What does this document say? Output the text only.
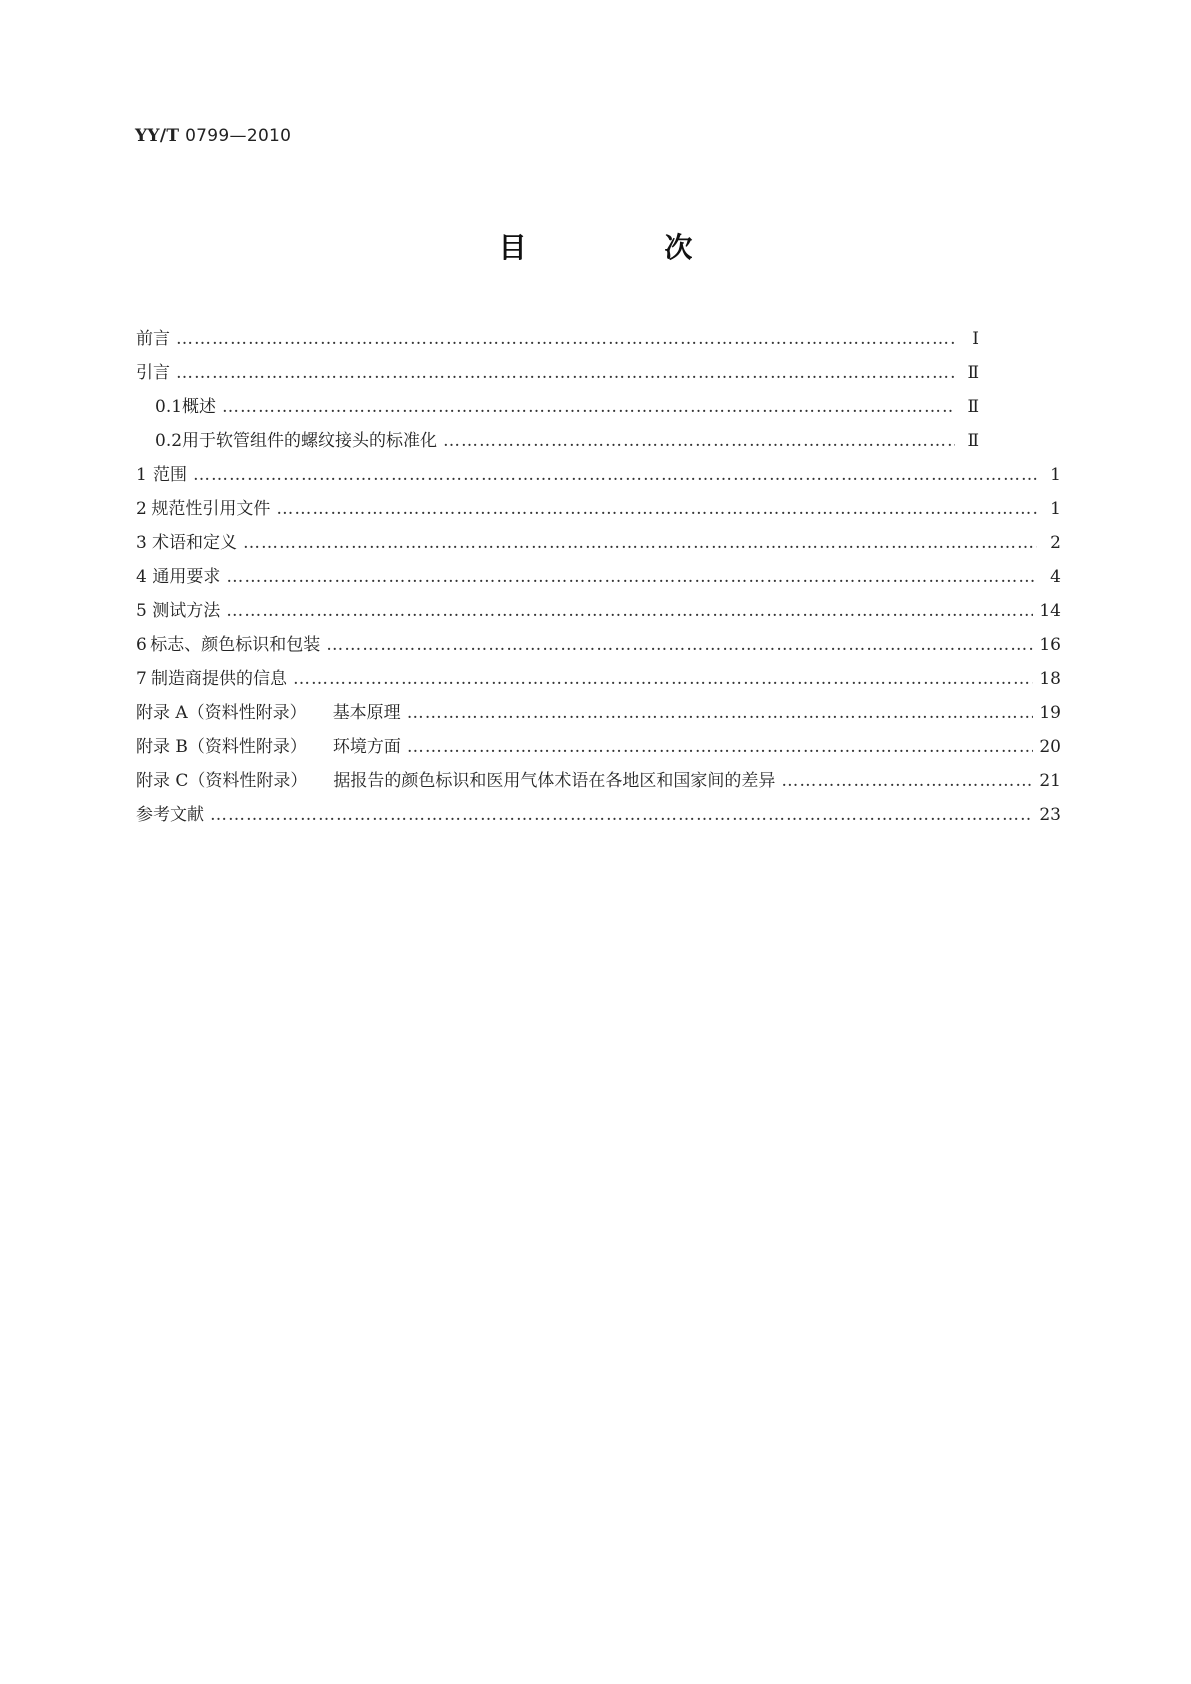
YY/T 0799—2010
目 次
前言 …………………………………………………………………………………………………………………………………………………………………………………………………………………………………………	Ⅰ
引言 …………………………………………………………………………………………………………………………………………………………………………………………………………………………………………	Ⅱ
0.1 概述 …………………………………………………………………………………………………………………………………………………………………………………………………………………………………………	Ⅱ
0.2 用于软管组件的螺纹接头的标准化 …………………………………………………………………………………………………………………………………………………………………………………………………………………………………………	Ⅱ
1 范围 …………………………………………………………………………………………………………………………………………………………………………………………………………………………………………	1
2 规范性引用文件 …………………………………………………………………………………………………………………………………………………………………………………………………………………………………………	1
3 术语和定义 …………………………………………………………………………………………………………………………………………………………………………………………………………………………………………	2
4 通用要求 …………………………………………………………………………………………………………………………………………………………………………………………………………………………………………	4
5 测试方法 …………………………………………………………………………………………………………………………………………………………………………………………………………………………………………	14
6 标志、颜色标识和包装 …………………………………………………………………………………………………………………………………………………………………………………………………………………………………………	16
7 制造商提供的信息 …………………………………………………………………………………………………………………………………………………………………………………………………………………………………………	18
附录 A（资料性附录） 基本原理 …………………………………………………………………………………………………………………………………………………………………………………………………………………………………………	19
附录 B（资料性附录） 环境方面 …………………………………………………………………………………………………………………………………………………………………………………………………………………………………………	20
附录 C（资料性附录） 据报告的颜色标识和医用气体术语在各地区和国家间的差异 …………………………………………………………………………………………………………………………………………………………………………………………………………………………………………	21
参考文献 …………………………………………………………………………………………………………………………………………………………………………………………………………………………………………	23
